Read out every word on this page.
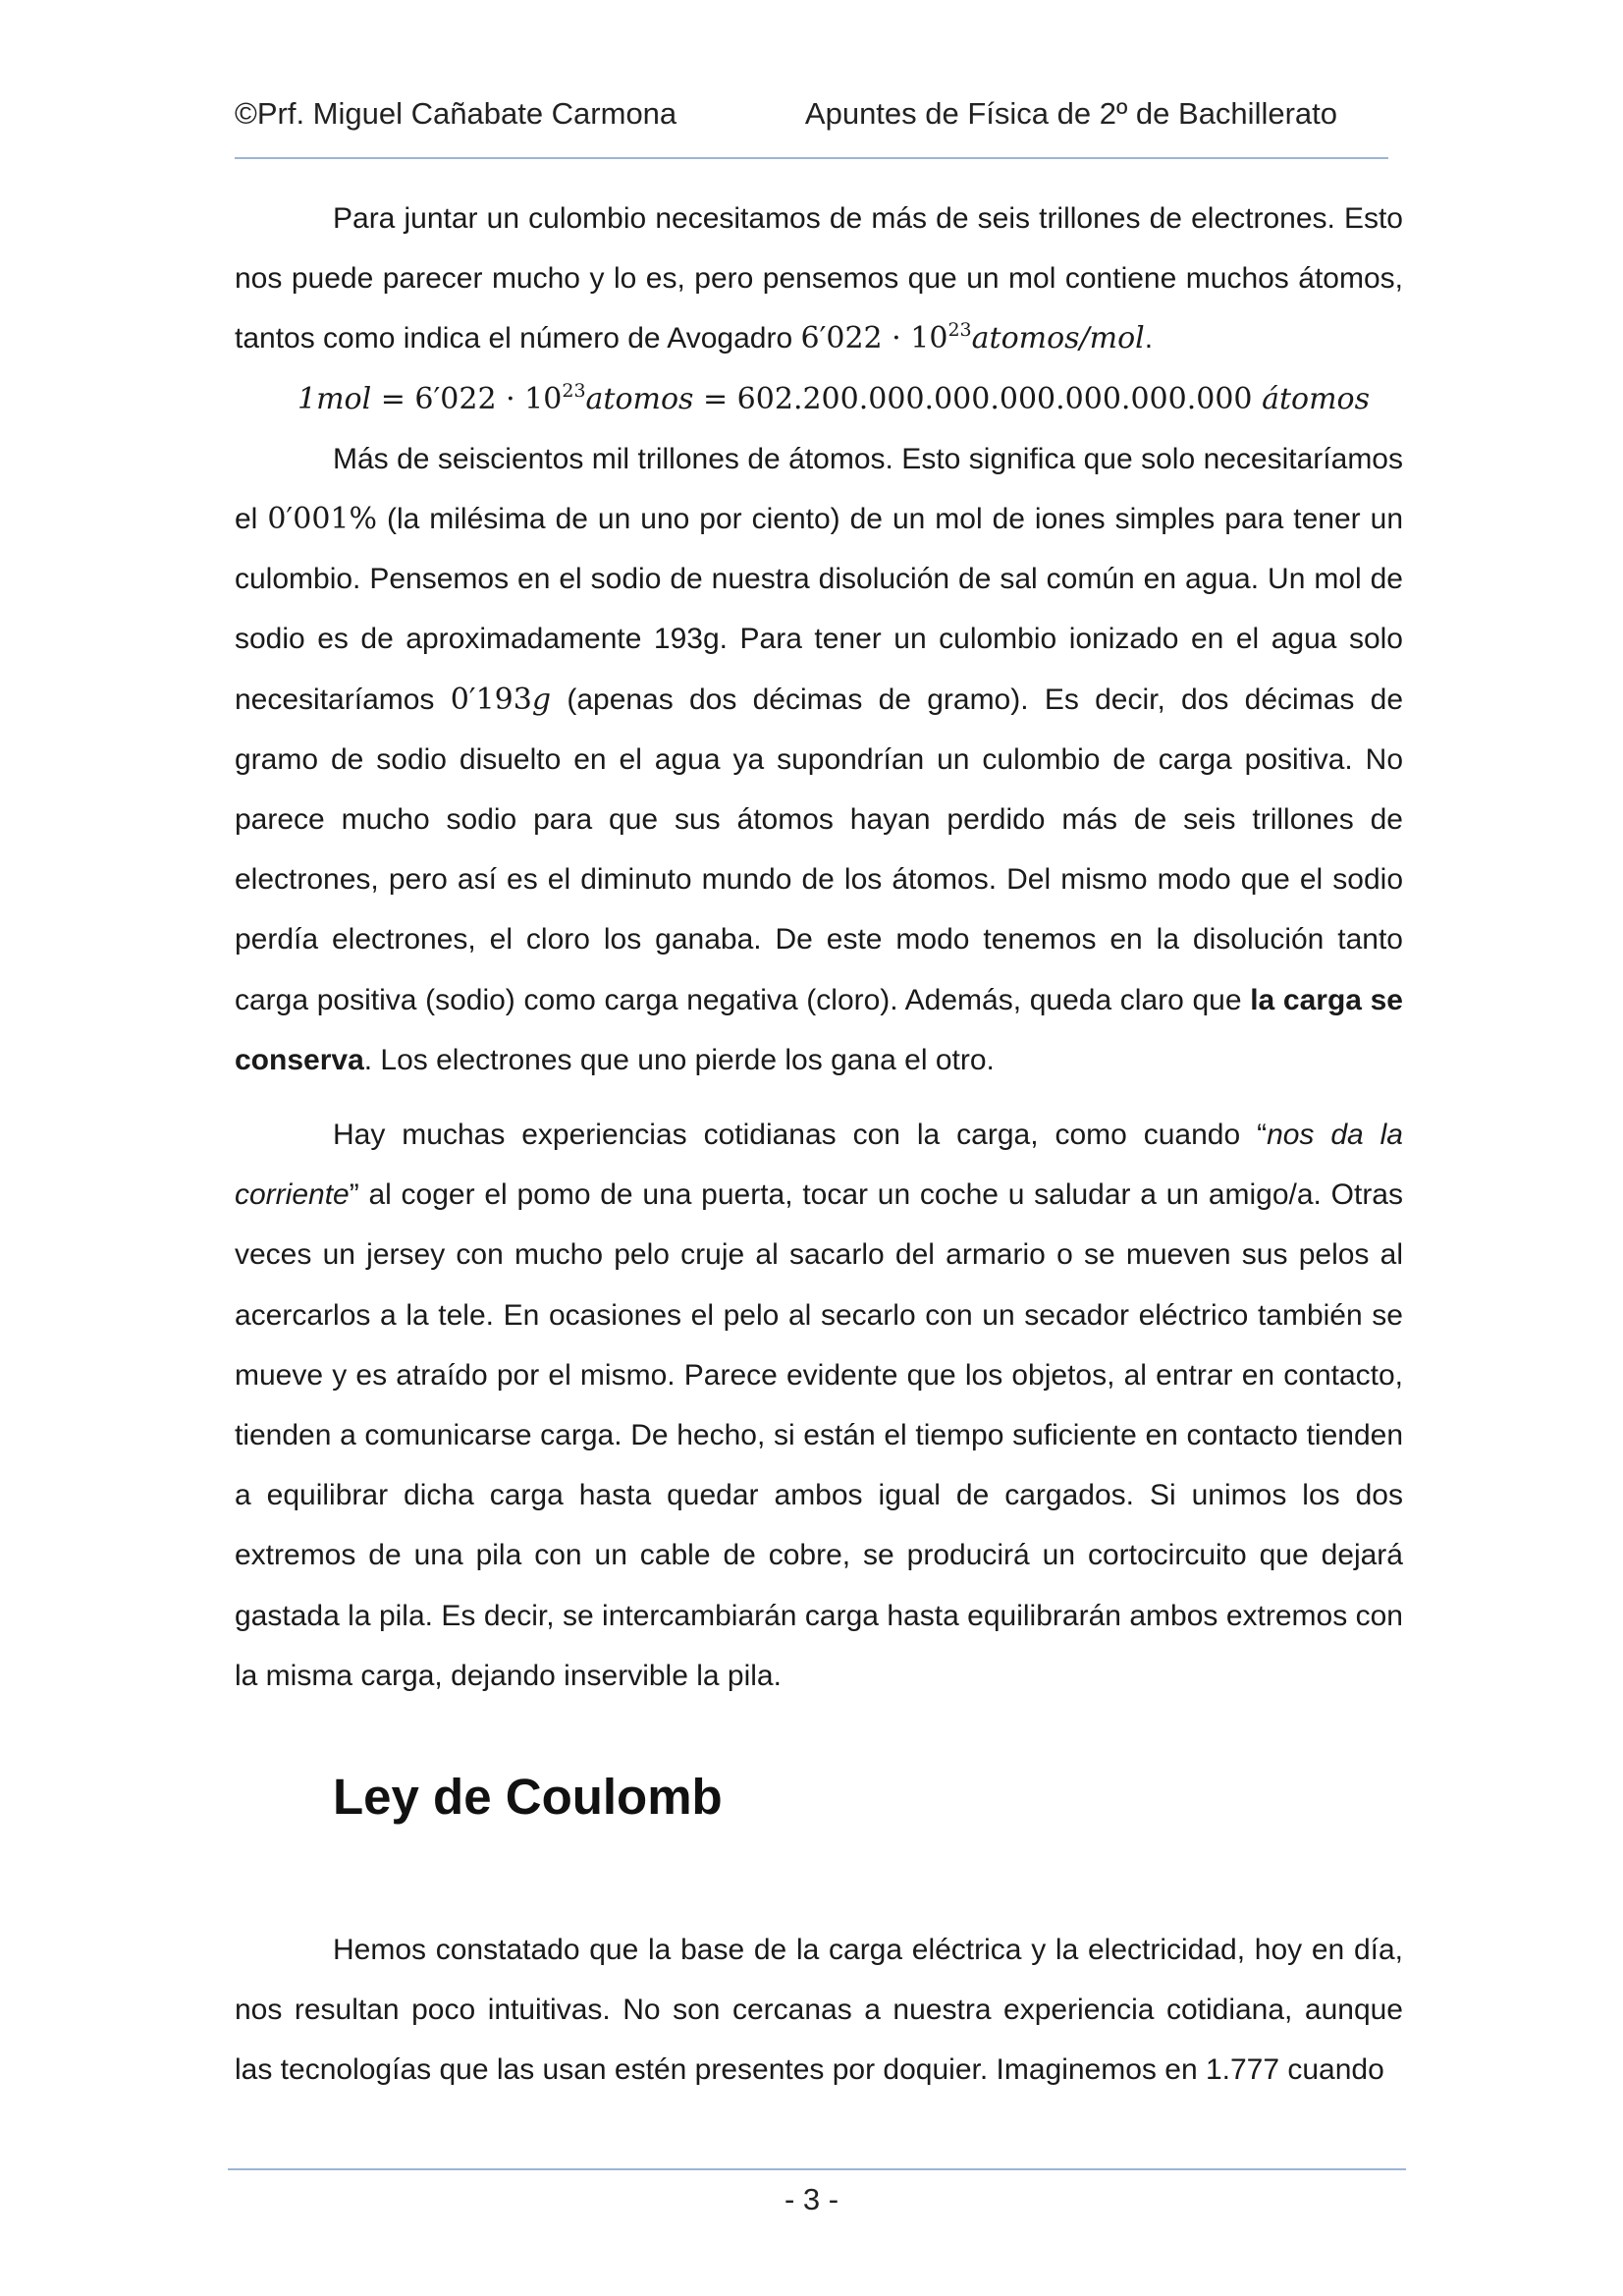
©Prf. Miguel Cañabate Carmona	Apuntes de Física de 2º de Bachillerato

Para juntar un culombio necesitamos de más de seis trillones de electrones. Esto nos puede parecer mucho y lo es, pero pensemos que un mol contiene muchos átomos, tantos como indica el número de Avogadro $6'022 \cdot 10^{23}atomos$/mol.

$1mol = 6'022 \cdot 10^{23}atomos = 602.200.000.000.000.000.000.000$ átomos

Más de seiscientos mil trillones de átomos. Esto significa que solo necesitaríamos el 0′001% (la milésima de un uno por ciento) de un mol de iones simples para tener un culombio. Pensemos en el sodio de nuestra disolución de sal común en agua. Un mol de sodio es de aproximadamente 193g. Para tener un culombio ionizado en el agua solo necesitaríamos 0′193g (apenas dos décimas de gramo). Es decir, dos décimas de gramo de sodio disuelto en el agua ya supondrían un culombio de carga positiva. No parece mucho sodio para que sus átomos hayan perdido más de seis trillones de electrones, pero así es el diminuto mundo de los átomos. Del mismo modo que el sodio perdía electrones, el cloro los ganaba. De este modo tenemos en la disolución tanto carga positiva (sodio) como carga negativa (cloro). Además, queda claro que la carga se conserva. Los electrones que uno pierde los gana el otro.

Hay muchas experiencias cotidianas con la carga, como cuando “nos da la corriente” al coger el pomo de una puerta, tocar un coche u saludar a un amigo/a. Otras veces un jersey con mucho pelo cruje al sacarlo del armario o se mueven sus pelos al acercarlos a la tele. En ocasiones el pelo al secarlo con un secador eléctrico también se mueve y es atraído por el mismo. Parece evidente que los objetos, al entrar en contacto, tienden a comunicarse carga. De hecho, si están el tiempo suficiente en contacto tienden a equilibrar dicha carga hasta quedar ambos igual de cargados. Si unimos los dos extremos de una pila con un cable de cobre, se producirá un cortocircuito que dejará gastada la pila. Es decir, se intercambiarán carga hasta equilibrarán ambos extremos con la misma carga, dejando inservible la pila.

Ley de Coulomb

Hemos constatado que la base de la carga eléctrica y la electricidad, hoy en día, nos resultan poco intuitivas. No son cercanas a nuestra experiencia cotidiana, aunque las tecnologías que las usan estén presentes por doquier. Imaginemos en 1.777 cuando

- 3 -
